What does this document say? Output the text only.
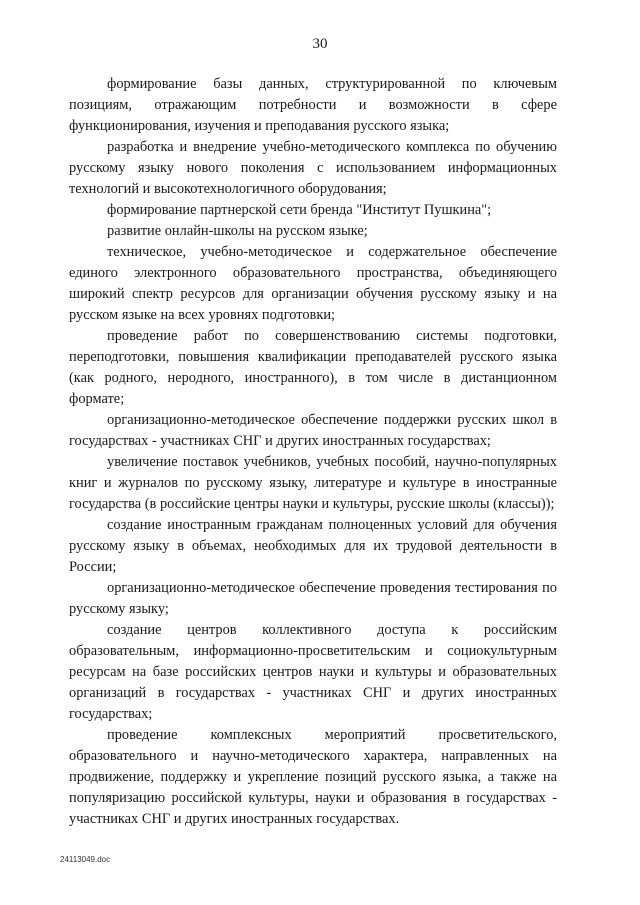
30

формирование базы данных, структурированной по ключевым позициям, отражающим потребности и возможности в сфере функционирования, изучения и преподавания русского языка;

разработка и внедрение учебно-методического комплекса по обучению русскому языку нового поколения с использованием информационных технологий и высокотехнологичного оборудования;

формирование партнерской сети бренда "Институт Пушкина";

развитие онлайн-школы на русском языке;

техническое, учебно-методическое и содержательное обеспечение единого электронного образовательного пространства, объединяющего широкий спектр ресурсов для организации обучения русскому языку и на русском языке на всех уровнях подготовки;

проведение работ по совершенствованию системы подготовки, переподготовки, повышения квалификации преподавателей русского языка (как родного, неродного, иностранного), в том числе в дистанционном формате;

организационно-методическое обеспечение поддержки русских школ в государствах - участниках СНГ и других иностранных государствах;

увеличение поставок учебников, учебных пособий, научно-популярных книг и журналов по русскому языку, литературе и культуре в иностранные государства (в российские центры науки и культуры, русские школы (классы));

создание иностранным гражданам полноценных условий для обучения русскому языку в объемах, необходимых для их трудовой деятельности в России;

организационно-методическое обеспечение проведения тестирования по русскому языку;

создание центров коллективного доступа к российским образовательным, информационно-просветительским и социокультурным ресурсам на базе российских центров науки и культуры и образовательных организаций в государствах - участниках СНГ и других иностранных государствах;

проведение комплексных мероприятий просветительского, образовательного и научно-методического характера, направленных на продвижение, поддержку и укрепление позиций русского языка, а также на популяризацию российской культуры, науки и образования в государствах - участниках СНГ и других иностранных государствах.

24113049.doc
